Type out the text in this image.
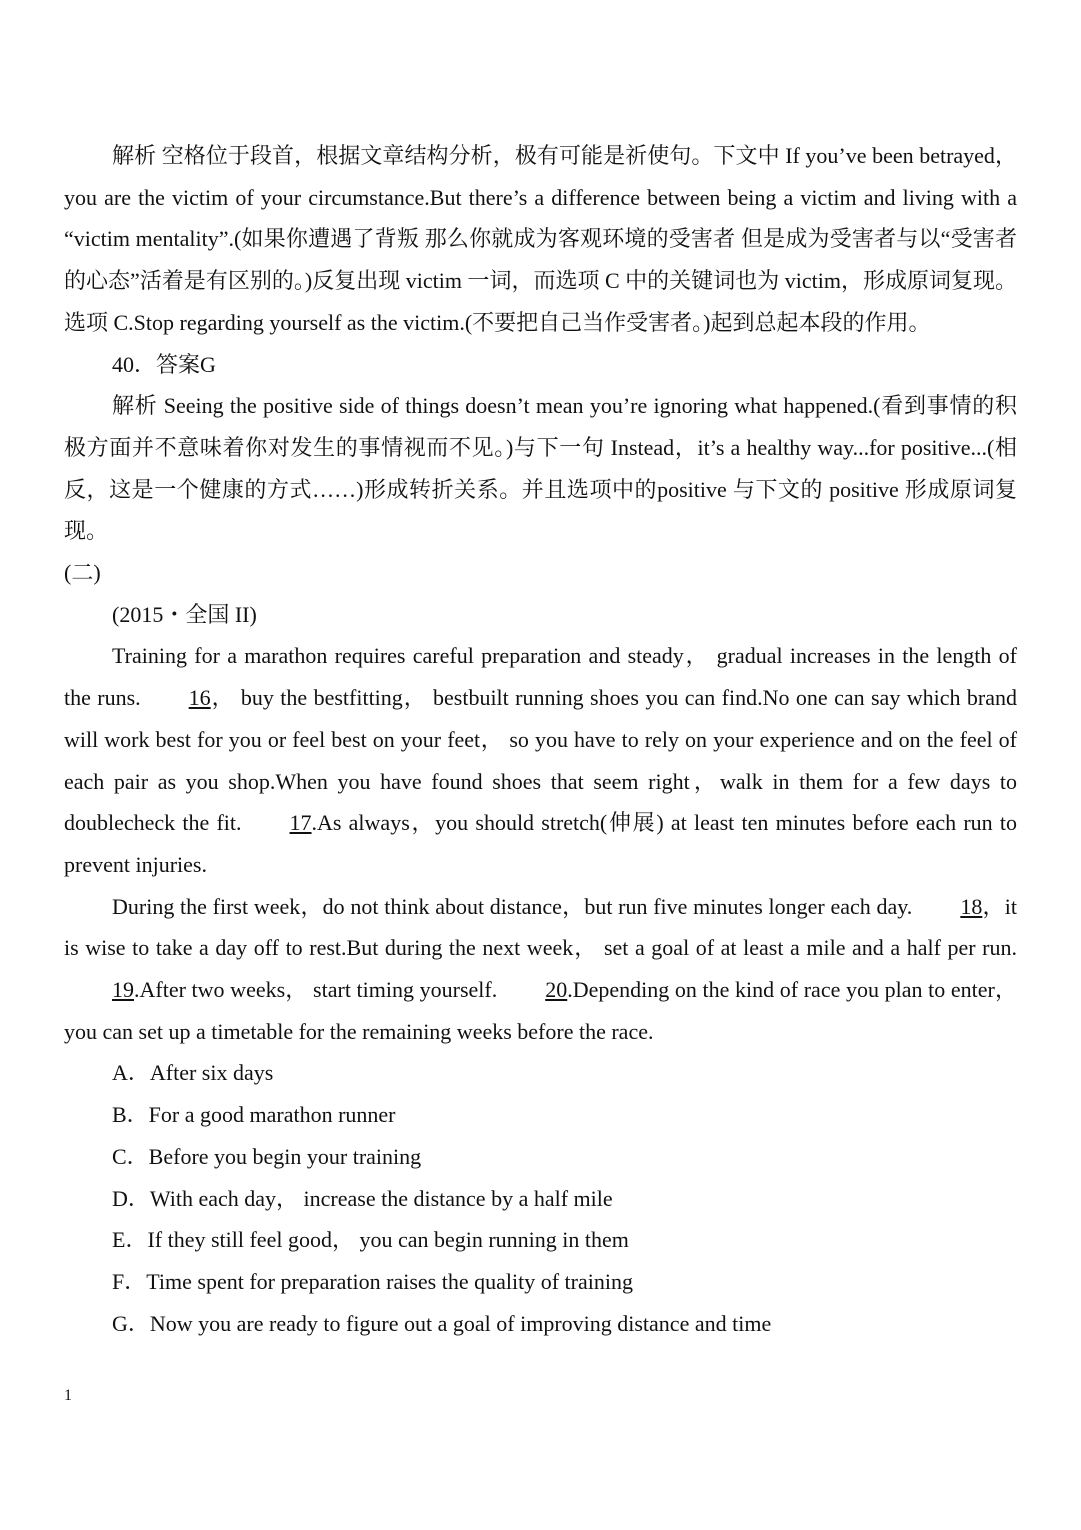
解析 空格位于段首，根据文章结构分析，极有可能是祈使句。下文中 If you’ve been betrayed，you are the victim of your circumstance.But there’s a difference between being a victim and living with a “victim mentality”.(如果你遭遇了背叛 那么你就成为客观环境的受害者 但是成为受害者与以“受害者的心态”活着是有区别的。)反复出现 victim 一词，而选项 C 中的关键词也为 victim，形成原词复现。选项 C.Stop regarding yourself as the victim.(不要把自己当作受害者。)起到总起本段的作用。

40．答案G

解析 Seeing the positive side of things doesn’t mean you’re ignoring what happened.(看到事情的积极方面并不意味着你对发生的事情视而不见。)与下一句 Instead，it’s a healthy way...for positive...(相反，这是一个健康的方式……)形成转折关系。并且选项中的positive 与下文的 positive 形成原词复现。

(二)

(2015・全国 II)

Training for a marathon requires careful preparation and steady， gradual increases in the length of the runs. 16， buy the bestfitting， bestbuilt running shoes you can find.No one can say which brand will work best for you or feel best on your feet， so you have to rely on your experience and on the feel of each pair as you shop.When you have found shoes that seem right，walk in them for a few days to doublecheck the fit. 17.As always，you should stretch(伸展) at least ten minutes before each run to prevent injuries.

During the first week，do not think about distance，but run five minutes longer each day. 18，it is wise to take a day off to rest.But during the next week， set a goal of at least a mile and a half per run.19.After two weeks， start timing yourself. 20.Depending on the kind of race you plan to enter， you can set up a timetable for the remaining weeks before the race.

A．After six days

B．For a good marathon runner

C．Before you begin your training

D．With each day， increase the distance by a half mile

E．If they still feel good， you can begin running in them

F．Time spent for preparation raises the quality of training

G．Now you are ready to figure out a goal of improving distance and time

1
